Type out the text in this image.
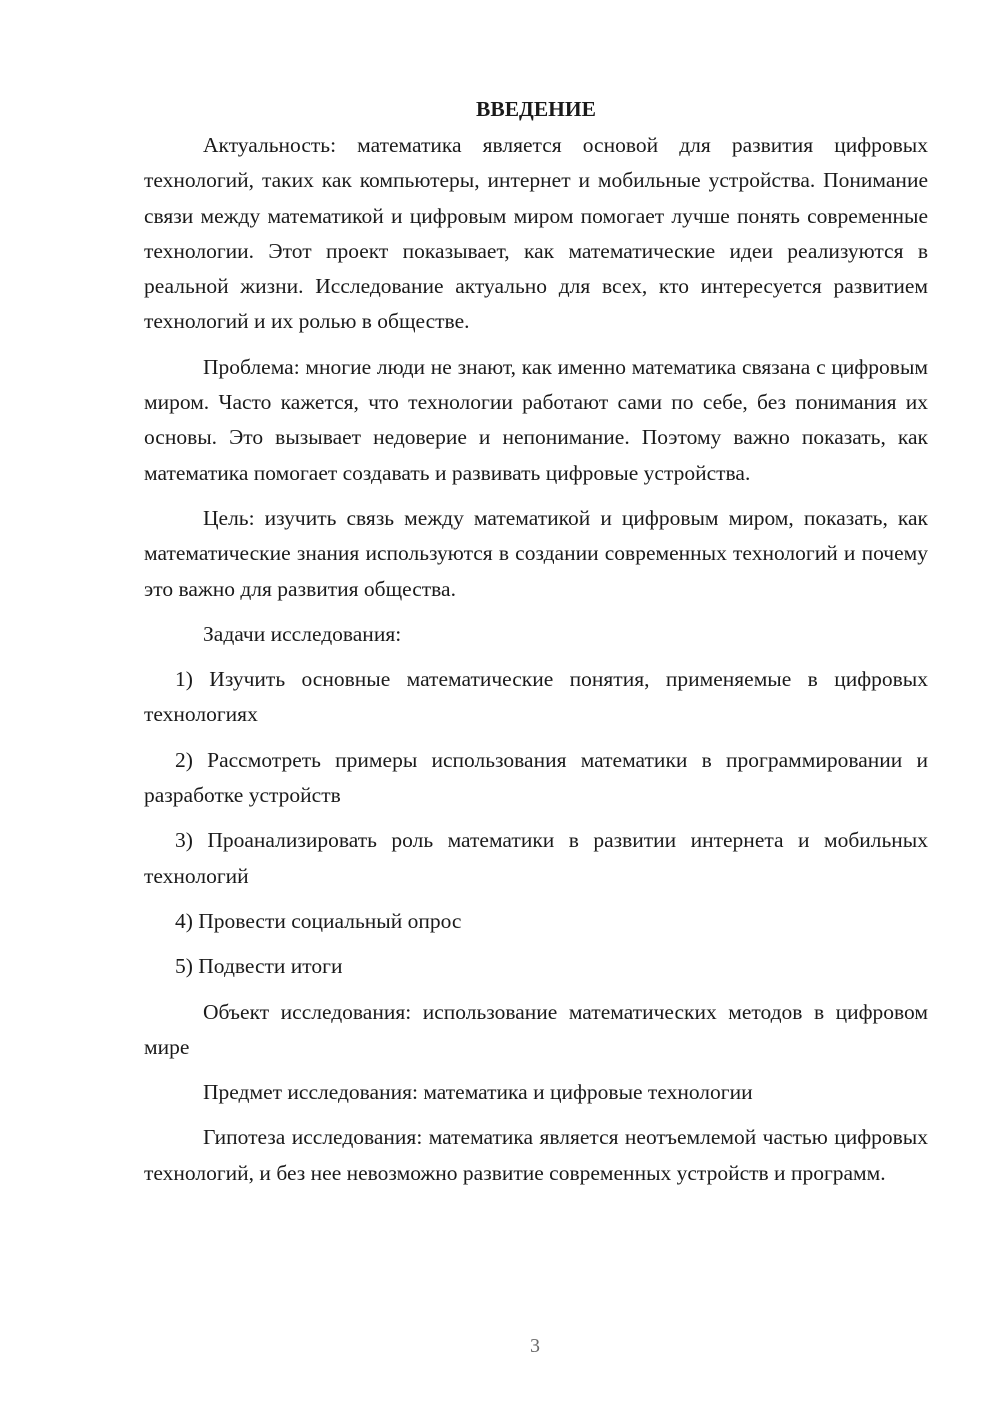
ВВЕДЕНИЕ

Актуальность: математика является основой для развития цифровых технологий, таких как компьютеры, интернет и мобильные устройства. Понимание связи между математикой и цифровым миром помогает лучше понять современные технологии. Этот проект показывает, как математические идеи реализуются в реальной жизни. Исследование актуально для всех, кто интересуется развитием технологий и их ролью в обществе.

Проблема: многие люди не знают, как именно математика связана с цифровым миром. Часто кажется, что технологии работают сами по себе, без понимания их основы. Это вызывает недоверие и непонимание. Поэтому важно показать, как математика помогает создавать и развивать цифровые устройства.

Цель: изучить связь между математикой и цифровым миром, показать, как математические знания используются в создании современных технологий и почему это важно для развития общества.

Задачи исследования:

1) Изучить основные математические понятия, применяемые в цифровых технологиях

2) Рассмотреть примеры использования математики в программировании и разработке устройств

3) Проанализировать роль математики в развитии интернета и мобильных технологий

4) Провести социальный опрос

5) Подвести итоги

Объект исследования: использование математических методов в цифровом мире

Предмет исследования: математика и цифровые технологии

Гипотеза исследования: математика является неотъемлемой частью цифровых технологий, и без нее невозможно развитие современных устройств и программ.

3
